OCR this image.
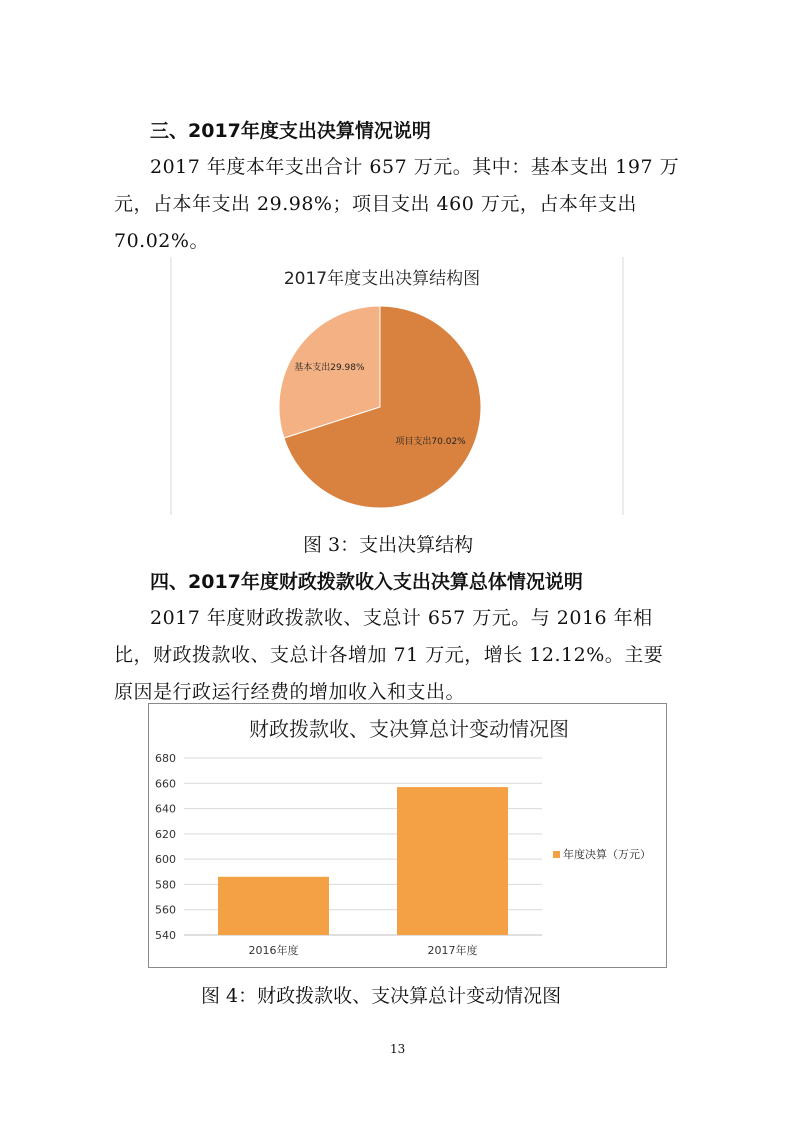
三、2017年度支出决算情况说明
2017 年度本年支出合计 657 万元。其中：基本支出 197 万
元，占本年支出 29.98%；项目支出 460 万元，占本年支出
70.02%。
2017年度支出决算结构图
基本支出29.98%
项目支出70.02%
图 3：支出决算结构
四、2017年度财政拨款收入支出决算总体情况说明
2017 年度财政拨款收、支总计 657 万元。与 2016 年相
比，财政拨款收、支总计各增加 71 万元，增长 12.12%。主要
原因是行政运行经费的增加收入和支出。
财政拨款收、支决算总计变动情况图
540
560
580
600
620
640
660
680
2016年度	2017年度
年度决算（万元）
图 4：财政拨款收、支决算总计变动情况图
13
